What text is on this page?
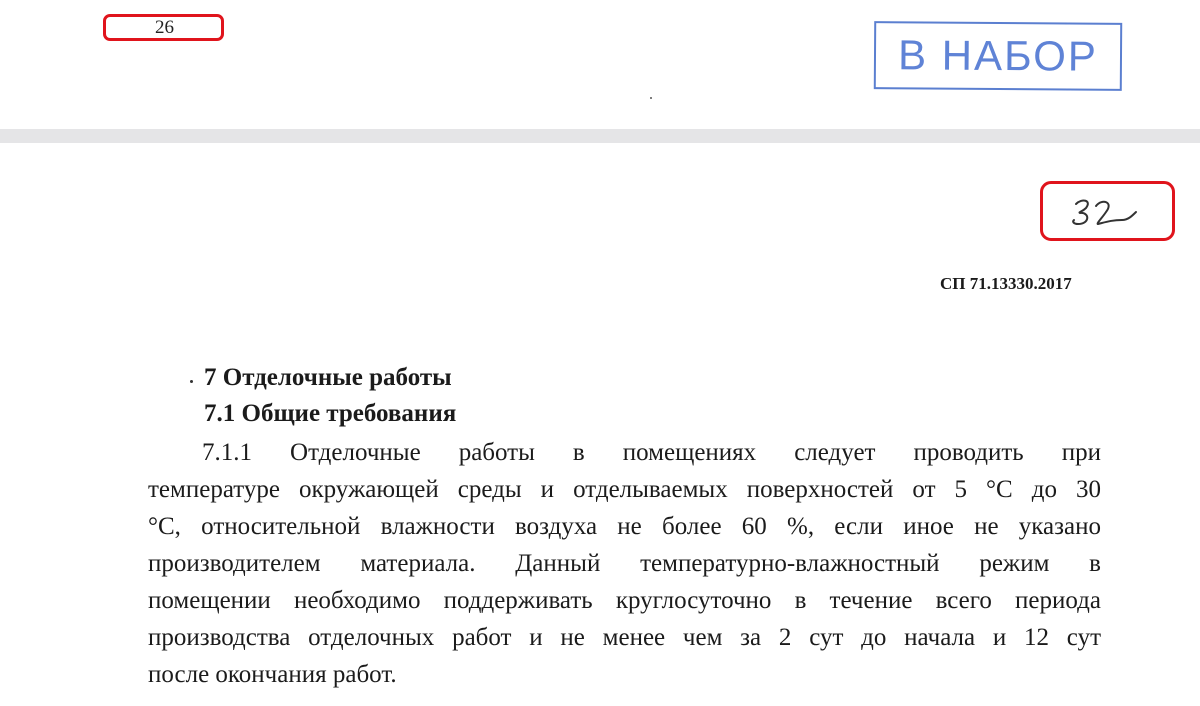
26
В НАБОР
СП 71.13330.2017
7 Отделочные работы
7.1 Общие требования
7.1.1 Отделочные работы в помещениях следует проводить при
температуре окружающей среды и отделываемых поверхностей от 5 °С до 30
°С, относительной влажности воздуха не более 60 %, если иное не указано
производителем материала. Данный температурно-влажностный режим в
помещении необходимо поддерживать круглосуточно в течение всего периода
производства отделочных работ и не менее чем за 2 сут до начала и 12 сут
после окончания работ.
